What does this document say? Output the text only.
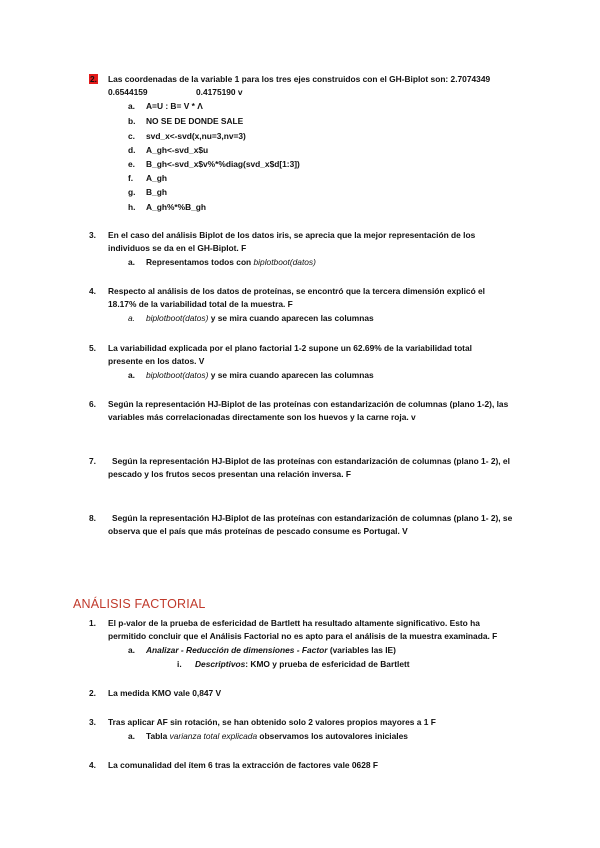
2. Las coordenadas de la variable 1 para los tres ejes construidos con el GH-Biplot son: 2.7074349
0.6544159	0.4175190 v
a. A=U : B= V * Λ
b. NO SE DE DONDE SALE
c. svd_x<-svd(x,nu=3,nv=3)
d. A_gh<-svd_x$u
e. B_gh<-svd_x$v%*%diag(svd_x$d[1:3])
f. A_gh
g. B_gh
h. A_gh%*%B_gh
3. En el caso del análisis Biplot de los datos iris, se aprecia que la mejor representación de los
individuos se da en el GH-Biplot. F
a. Representamos todos con biplotboot(datos)
4. Respecto al análisis de los datos de proteínas, se encontró que la tercera dimensión explicó el
18.17% de la variabilidad total de la muestra. F
a. biplotboot(datos) y se mira cuando aparecen las columnas
5. La variabilidad explicada por el plano factorial 1-2 supone un 62.69% de la variabilidad total
presente en los datos. V
a. biplotboot(datos) y se mira cuando aparecen las columnas
6. Según la representación HJ-Biplot de las proteínas con estandarización de columnas (plano 1-2), las
variables más correlacionadas directamente son los huevos y la carne roja. v
7. Según la representación HJ-Biplot de las proteínas con estandarización de columnas (plano 1- 2), el
pescado y los frutos secos presentan una relación inversa. F
8. Según la representación HJ-Biplot de las proteínas con estandarización de columnas (plano 1- 2), se
observa que el país que más proteínas de pescado consume es Portugal. V
ANÁLISIS FACTORIAL
1. El p-valor de la prueba de esfericidad de Bartlett ha resultado altamente significativo. Esto ha
permitido concluir que el Análisis Factorial no es apto para el análisis de la muestra examinada. F
a. Analizar - Reducción de dimensiones - Factor (variables las IE)
i. Descriptivos: KMO y prueba de esfericidad de Bartlett
2. La medida KMO vale 0,847 V
3. Tras aplicar AF sin rotación, se han obtenido solo 2 valores propios mayores a 1 F
a. Tabla varianza total explicada observamos los autovalores iniciales
4. La comunalidad del ítem 6 tras la extracción de factores vale 0628 F
